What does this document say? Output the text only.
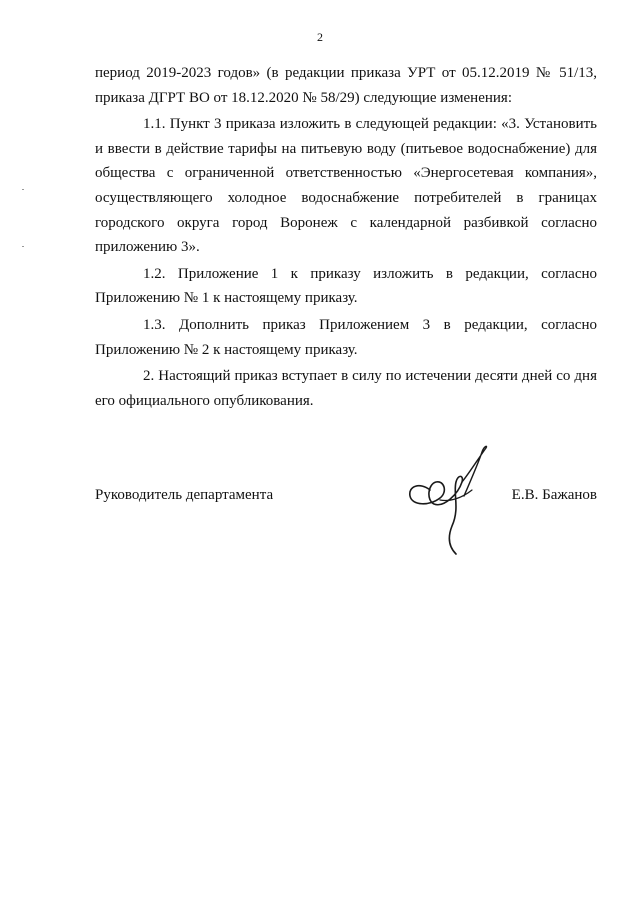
2

период 2019-2023 годов» (в редакции приказа УРТ от 05.12.2019 № 51/13, приказа ДГРТ ВО от 18.12.2020 № 58/29) следующие изменения:

1.1. Пункт 3 приказа изложить в следующей редакции: «3. Установить и ввести в действие тарифы на питьевую воду (питьевое водоснабжение) для общества с ограниченной ответственностью «Энергосетевая компания», осуществляющего холодное водоснабжение потребителей в границах городского округа город Воронеж с календарной разбивкой согласно приложению 3».

1.2. Приложение 1 к приказу изложить в редакции, согласно Приложению № 1 к настоящему приказу.

1.3. Дополнить приказ Приложением 3 в редакции, согласно Приложению № 2 к настоящему приказу.

2. Настоящий приказ вступает в силу по истечении десяти дней со дня его официального опубликования.

Руководитель департамента	Е.В. Бажанов
